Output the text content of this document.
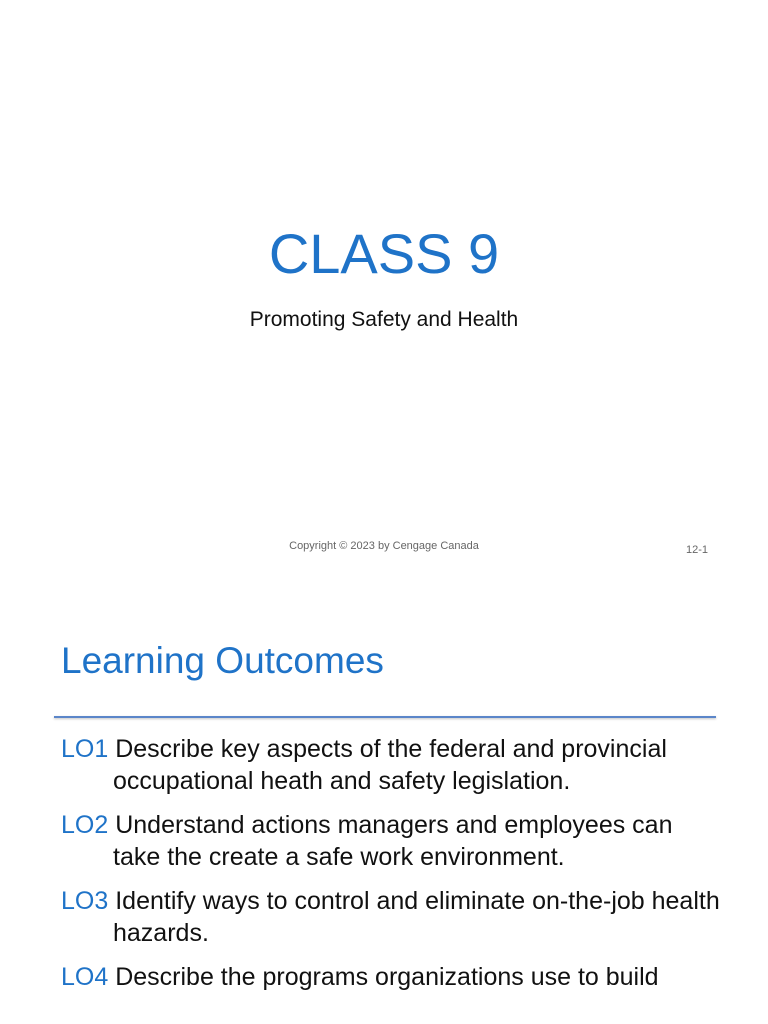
CLASS 9
Promoting Safety and Health
Copyright © 2023 by Cengage Canada	12-1
Learning Outcomes
LO1 Describe key aspects of the federal and provincial occupational heath and safety legislation.
LO2 Understand actions managers and employees can take the create a safe work environment.
LO3 Identify ways to control and eliminate on-the-job health hazards.
LO4 Describe the programs organizations use to build
